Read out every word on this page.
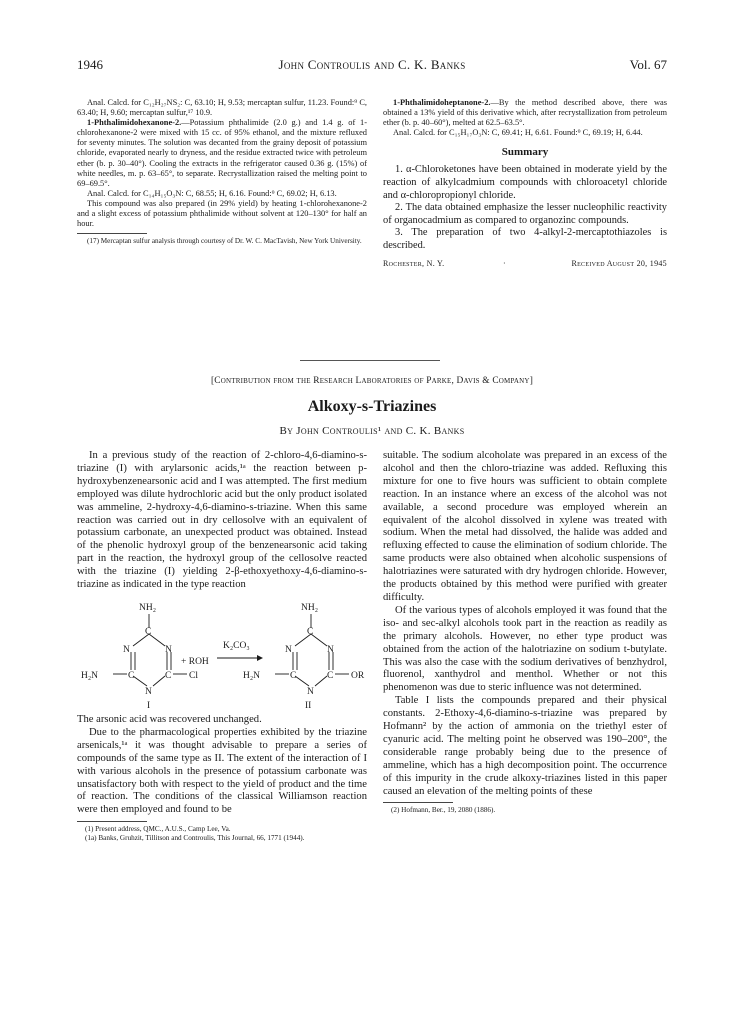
1946	John Controulis and C. K. Banks	Vol. 67

Anal. Calcd. for C₁₂H₂₇NS₂: C, 63.10; H, 9.53; mercaptan sulfur, 11.23. Found:⁹ C, 63.40; H, 9.60; mercaptan sulfur,¹⁷ 10.9.

1-Phthalimidohexanone-2.—Potassium phthalimide (2.0 g.) and 1.4 g. of 1-chlorohexanone-2 were mixed with 15 cc. of 95% ethanol, and the mixture refluxed for seventy minutes. The solution was decanted from the grainy deposit of potassium chloride, evaporated nearly to dryness, and the residue extracted twice with petroleum ether (b. p. 30–40°). Cooling the extracts in the refrigerator caused 0.36 g. (15%) of white needles, m. p. 63–65°, to separate. Recrystallization raised the melting point to 69–69.5°.

Anal. Calcd. for C₁₄H₁₅O₃N: C, 68.55; H, 6.16. Found:⁹ C, 69.02; H, 6.13.

This compound was also prepared (in 29% yield) by heating 1-chlorohexanone-2 and a slight excess of potassium phthalimide without solvent at 120–130° for half an hour.

(17) Mercaptan sulfur analysis through courtesy of Dr. W. C. MacTavish, New York University.

1-Phthalimidoheptanone-2.—By the method described above, there was obtained a 13% yield of this derivative which, after recrystallization from petroleum ether (b. p. 40–60°), melted at 62.5–63.5°.

Anal. Calcd. for C₁₅H₁₇O₃N: C, 69.41; H, 6.61. Found:⁹ C, 69.19; H, 6.44.

Summary

1. α-Chloroketones have been obtained in moderate yield by the reaction of alkylcadmium compounds with chloroacetyl chloride and α-chloropropionyl chloride.

2. The data obtained emphasize the lesser nucleophilic reactivity of organocadmium as compared to organozinc compounds.

3. The preparation of two 4-alkyl-2-mercaptothiazoles is described.

Rochester, N. Y.	·	Received August 20, 1945
[Contribution from the Research Laboratories of Parke, Davis & Company]
Alkoxy-s-Triazines
By John Controulis¹ and C. K. Banks

In a previous study of the reaction of 2-chloro-4,6-diamino-s-triazine (I) with arylarsonic acids,¹ᵃ the reaction between p-hydroxybenzenearsonic acid and I was attempted. The first medium employed was dilute hydrochloric acid but the only product isolated was ammeline, 2-hydroxy-4,6-diamino-s-triazine. When this same reaction was carried out in dry cellosolve with an equivalent of potassium carbonate, an unexpected product was obtained. Instead of the phenolic hydroxyl group of the benzenearsonic acid taking part in the reaction, the hydroxyl group of the cellosolve reacted with the triazine (I) yielding 2-β-ethoxyethoxy-4,6-diamino-s-triazine as indicated in the type reaction

NH₂
C
N	N
C	C
N
H₂N	Cl
I
+ ROH
K₂CO₃
NH₂
C
N	N
C	C
N
H₂N	OR
II

The arsonic acid was recovered unchanged.

Due to the pharmacological properties exhibited by the triazine arsenicals,¹ᵃ it was thought advisable to prepare a series of compounds of the same type as II. The extent of the interaction of I with various alcohols in the presence of potassium carbonate was unsatisfactory both with respect to the yield of product and the time of reaction. The conditions of the classical Williamson reaction were then employed and found to be

(1) Present address, QMC., A.U.S., Camp Lee, Va.

(1a) Banks, Gruhzit, Tillitson and Controulis, This Journal, 66, 1771 (1944).

suitable. The sodium alcoholate was prepared in an excess of the alcohol and then the chloro-triazine was added. Refluxing this mixture for one to five hours was sufficient to obtain complete reaction. In an instance where an excess of the alcohol was not available, a second procedure was employed wherein an equivalent of the alcohol dissolved in xylene was treated with sodium. When the metal had dissolved, the halide was added and refluxing effected to cause the elimination of sodium chloride. The same products were also obtained when alcoholic suspensions of halotriazines were saturated with dry hydrogen chloride. However, the products obtained by this method were purified with greater difficulty.

Of the various types of alcohols employed it was found that the iso- and sec-alkyl alcohols took part in the reaction as readily as the primary alcohols. However, no ether type product was obtained from the action of the halotriazine on sodium t-butylate. This was also the case with the sodium derivatives of benzhydrol, fluorenol, xanthydrol and menthol. Whether or not this phenomenon was due to steric influence was not determined.

Table I lists the compounds prepared and their physical constants. 2-Ethoxy-4,6-diamino-s-triazine was prepared by Hofmann² by the action of ammonia on the triethyl ester of cyanuric acid. The melting point he observed was 190–200°, the considerable range probably being due to the presence of ammeline, which has a high decomposition point. The occurrence of this impurity in the crude alkoxy-triazines listed in this paper caused an elevation of the melting points of these

(2) Hofmann, Ber., 19, 2080 (1886).
